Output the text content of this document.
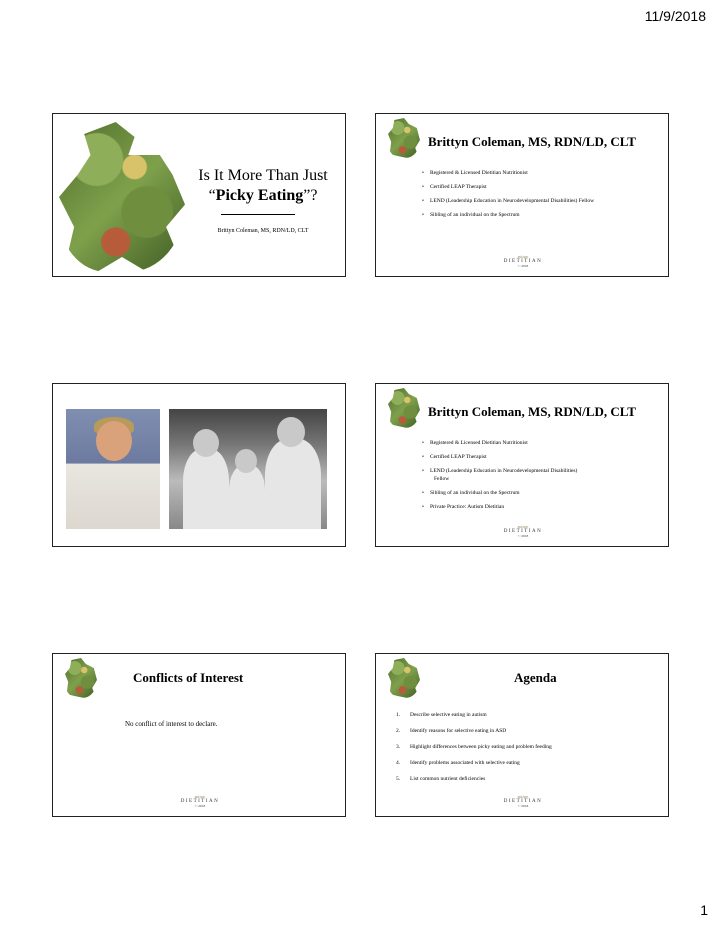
11/9/2018
Is It More Than Just
“Picky Eating”?
Brittyn Coleman, MS, RDN/LD, CLT
Brittyn Coleman, MS, RDN/LD, CLT
• Registered & Licensed Dietitian Nutritionist
• Certified LEAP Therapist
• LEND (Leadership Education in Neurodevelopmental Disabilities) Fellow
• Sibling of an individual on the Spectrum
autism
DIETITIAN
© 2018
Brittyn Coleman, MS, RDN/LD, CLT
• Registered & Licensed Dietitian Nutritionist
• Certified LEAP Therapist
• LEND (Leadership Education in Neurodevelopmental Disabilities)
Fellow
• Sibling of an individual on the Spectrum
• Private Practice: Autism Dietitian
autism
DIETITIAN
© 2018
Conflicts of Interest
No conflict of interest to declare.
autism
DIETITIAN
© 2018
Agenda
1. Describe selective eating in autism
2. Identify reasons for selective eating in ASD
3. Highlight differences between picky eating and problem feeding
4. Identify problems associated with selective eating
5. List common nutrient deficiencies
autism
DIETITIAN
© 2018
1
